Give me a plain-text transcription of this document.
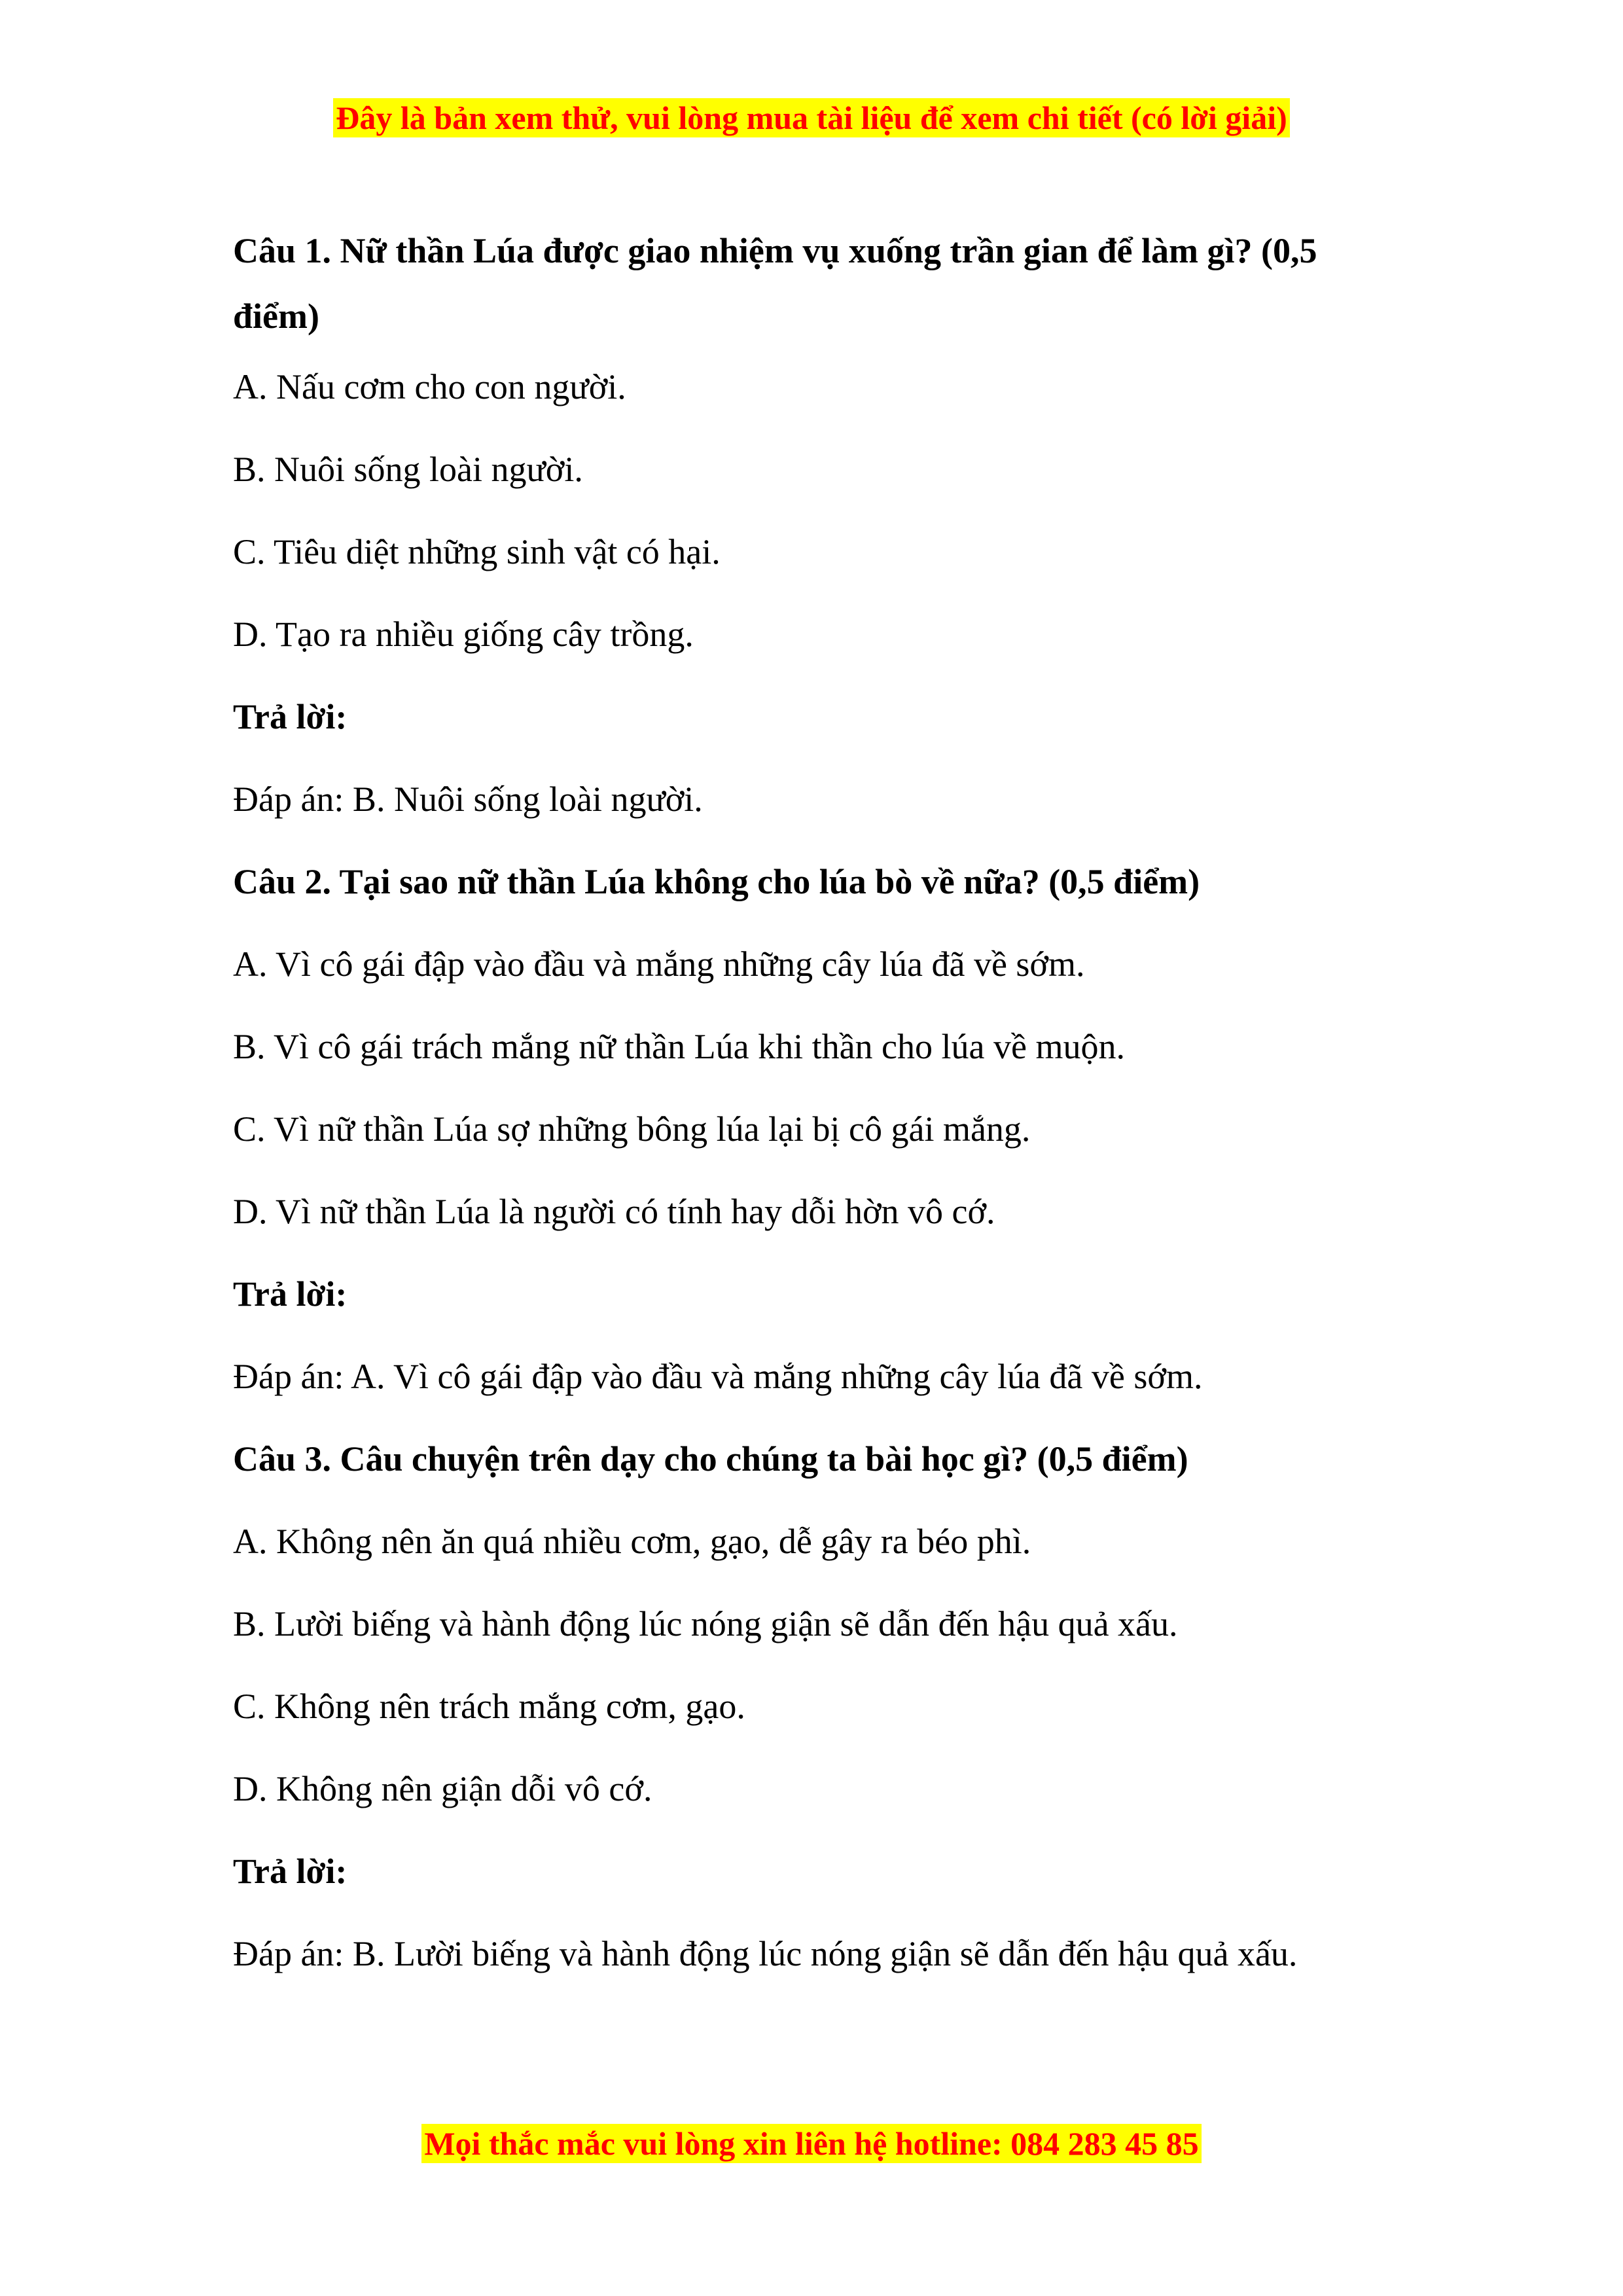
Đây là bản xem thử, vui lòng mua tài liệu để xem chi tiết (có lời giải)

Câu 1. Nữ thần Lúa được giao nhiệm vụ xuống trần gian để làm gì? (0,5 điểm)

A. Nấu cơm cho con người.

B. Nuôi sống loài người.

C. Tiêu diệt những sinh vật có hại.

D. Tạo ra nhiều giống cây trồng.

Trả lời:

Đáp án: B. Nuôi sống loài người.

Câu 2. Tại sao nữ thần Lúa không cho lúa bò về nữa? (0,5 điểm)

A. Vì cô gái đập vào đầu và mắng những cây lúa đã về sớm.

B. Vì cô gái trách mắng nữ thần Lúa khi thần cho lúa về muộn.

C. Vì nữ thần Lúa sợ những bông lúa lại bị cô gái mắng.

D. Vì nữ thần Lúa là người có tính hay dỗi hờn vô cớ.

Trả lời:

Đáp án: A. Vì cô gái đập vào đầu và mắng những cây lúa đã về sớm.

Câu 3. Câu chuyện trên dạy cho chúng ta bài học gì? (0,5 điểm)

A. Không nên ăn quá nhiều cơm, gạo, dễ gây ra béo phì.

B. Lười biếng và hành động lúc nóng giận sẽ dẫn đến hậu quả xấu.

C. Không nên trách mắng cơm, gạo.

D. Không nên giận dỗi vô cớ.

Trả lời:

Đáp án: B. Lười biếng và hành động lúc nóng giận sẽ dẫn đến hậu quả xấu.

Mọi thắc mắc vui lòng xin liên hệ hotline: 084 283 45 85
